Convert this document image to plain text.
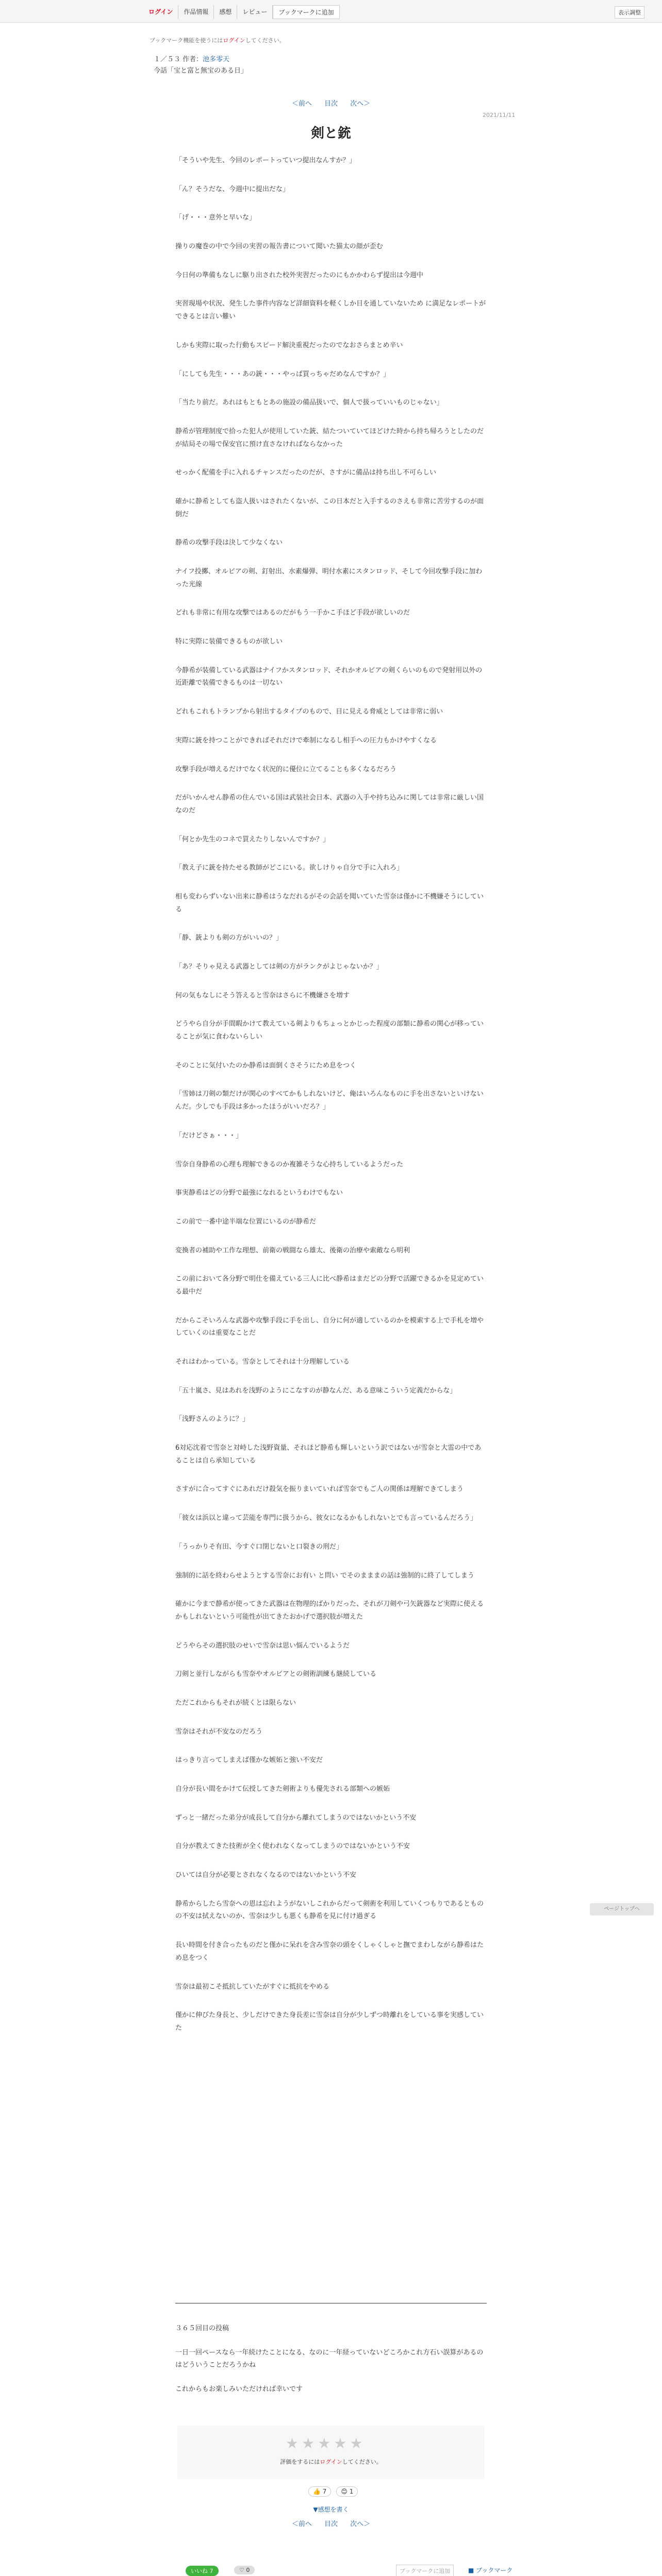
ログイン	作品情報	感想	レビュー	ブックマークに追加	表示調整
ブックマーク機能を使うにはログインしてください。
１／５３ 作者：池多零天
今話「宝と富と無宝のある日」
＜前へ 目次 次へ＞
2021/11/11
剣と銃

「そういや先生、今回のレポートっていつ提出なんすか？」

「ん？そうだな、今週中に提出だな」

「げ・・・意外と早いな」

操りの魔巻の中で今回の実習の報告書について聞いた猫太の顔が歪む

今日何の準備もなしに駆り出された校外実習だったのにもかかわらず提出は今週中

実習現場や状況、発生した事件内容など詳細資料を軽くしか目を通していないため に満足なレポートができるとは言い難い

しかも実際に取った行動もスピード解決重視だったのでなおさらまとめ辛い

「にしても先生・・・あの銃・・・やっぱ買っちゃだめなんですか？」

「当たり前だ。あれはもともとあの施設の備品扱いで、個人で扱っていいものじゃない」

静希が管理制度で拾った犯人が使用していた銃、結たついていてほどけた時から持ち帰ろうとしたのだが結局その場で保安官に預け直さなければならなかった

せっかく配備を手に入れるチャンスだったのだが、さすがに備品は持ち出し不可らしい

確かに静希としても盗人扱いはされたくないが、この日本だと入手するのさえも非常に苦労するのが面倒だ

静希の攻撃手段は決して少なくない

ナイフ投擲、オルビアの剣、釘射出、水素爆弾、明付水素にスタンロッド、そして今回攻撃手段に加わった光線

どれも非常に有用な攻撃ではあるのだがもう一手かこ手ほど手段が欲しいのだ

特に実際に装備できるものが欲しい

今静希が装備している武器はナイフかスタンロッド、それかオルビアの剣くらいのもので発射用以外の近距離で装備できるものは一切ない

どれもこれもトランプから射出するタイプのもので、目に見える脅威としては非常に弱い

実際に銃を持つことができればそれだけで牽制になるし相手への圧力もかけやすくなる

攻撃手段が増えるだけでなく状況的に優位に立てることも多くなるだろう

だがいかんせん静希の住んでいる国は武装社会日本、武器の入手や持ち込みに関しては非常に厳しい国なのだ

「何とか先生のコネで買えたりしないんですか？」

「教え子に銃を持たせる教師がどこにいる。欲しけりゃ自分で手に入れろ」

相も変わらずいない出来に静希はうなだれるがその会話を聞いていた雪奈は僅かに不機嫌そうにしている

「静、銃よりも剣の方がいいの？」

「あ？そりゃ見える武器としては剣の方がランクがよじゃないか？」

何の気もなしにそう答えると雪奈はさらに不機嫌さを増す

どうやら自分が手間暇かけて教えている剣よりもちょっとかじった程度の部類に静希の関心が移っていることが気に食わないらしい

そのことに気付いたのか静希は面倒くさそうにため息をつく

「雪姉は刀剣の類だけが関心のすべてかもしれないけど、俺はいろんなものに手を出さないといけないんだ。少しでも手段は多かったほうがいいだろ？」

「だけどさぁ・・・」

雪奈自身静希の心理も理解できるのか複雑そうな心持ちしているようだった

事実静希はどの分野で最強になれるというわけでもない

この前で一番中途半端な位置にいるのが静希だ

変換者の補助や工作な理想、前衛の戦闘なら雄太、後衛の治療や索敵なら明利

この前において各分野で明仕を備えている三人に比べ静希はまだどの分野で活躍できるかを見定めている最中だ

だからこそいろんな武器や攻撃手段に手を出し、自分に何が適しているのかを模索する上で手札を増やしていくのは重要なことだ

それはわかっている。雪奈としてそれは十分理解している

「五十嵐さ、見はあれを浅野のようにこなすのが静なんだ、ある意味こういう定義だからな」

「浅野さんのように？」

6対応沈着で雪奈と対峙した浅野資量、それほど静希も輝しいという訳ではないが雪奈と大雷の中であることは自ら承知している

さすがに合ってすぐにあれだけ殺気を振りまいていれば雪奈でもご人の関係は理解できてしまう

「彼女は浜以と違って芸能を専門に扱うから、彼女になるかもしれないとでも言っているんだろう」

「うっかりそ有田、今すぐ口閉じないと口裂きの刑だ」

強制的に話を終わらせようとする雪奈にお有い と問い でそのまままの話は強制的に終了してしまう

確かに今まで静希が使ってきた武器は在物理的ばかりだった、それが刀剣や弓矢銃器など実際に使えるかもしれないという可能性が出てきたおかげで選択肢が増えた

どうやらその選択肢のせいで雪奈は思い悩んでいるようだ

刀剣と並行しながらも雪奈やオルビアとの剣術訓練も継続している

ただこれからもそれが続くとは限らない

雪奈はそれが不安なのだろう

はっきり言ってしまえば僅かな嫉妬と強い不安だ

自分が長い間をかけて伝授してきた剣術よりも優先される部類への嫉妬

ずっと一緒だった弟分が成長して自分から離れてしまうのではないかという不安

自分が教えてきた技術が全く使われなくなってしまうのではないかという不安

ひいては自分が必要とされなくなるのではないかという不安

静希からしたら雪奈への恩は忘れようがないしこれからだって剣術を利用していくつもりであるとものの不安は拭えないのか、雪奈は少しも悪くも静希を見に付け過ぎる

長い時間を付き合ったものだと僅かに呆れを含み雪奈の頭をくしゃくしゃと撫でまわしながら静希はため息をつく

雪奈は最初こそ抵抗していたがすぐに抵抗をやめる

僅かに伸びた身長と、少しだけできた身長差に雪奈は自分が少しずつ時離れをしている事を実感していた

３６５回目の投稿

一日一回ペースなら一年続けたことになる、なのに一年経っていないどころかこれ方石い誤算があるのはどういうことだろうかね

これからもお楽しみいただければ幸いです

★★★★★
評価をするにはログインしてください。
👍 7	😊 1
▼感想を書く
＜前へ 目次 次へ＞
いいね 7	♡ 0	ブックマークに追加	■ ブックマーク
ページトップへ
